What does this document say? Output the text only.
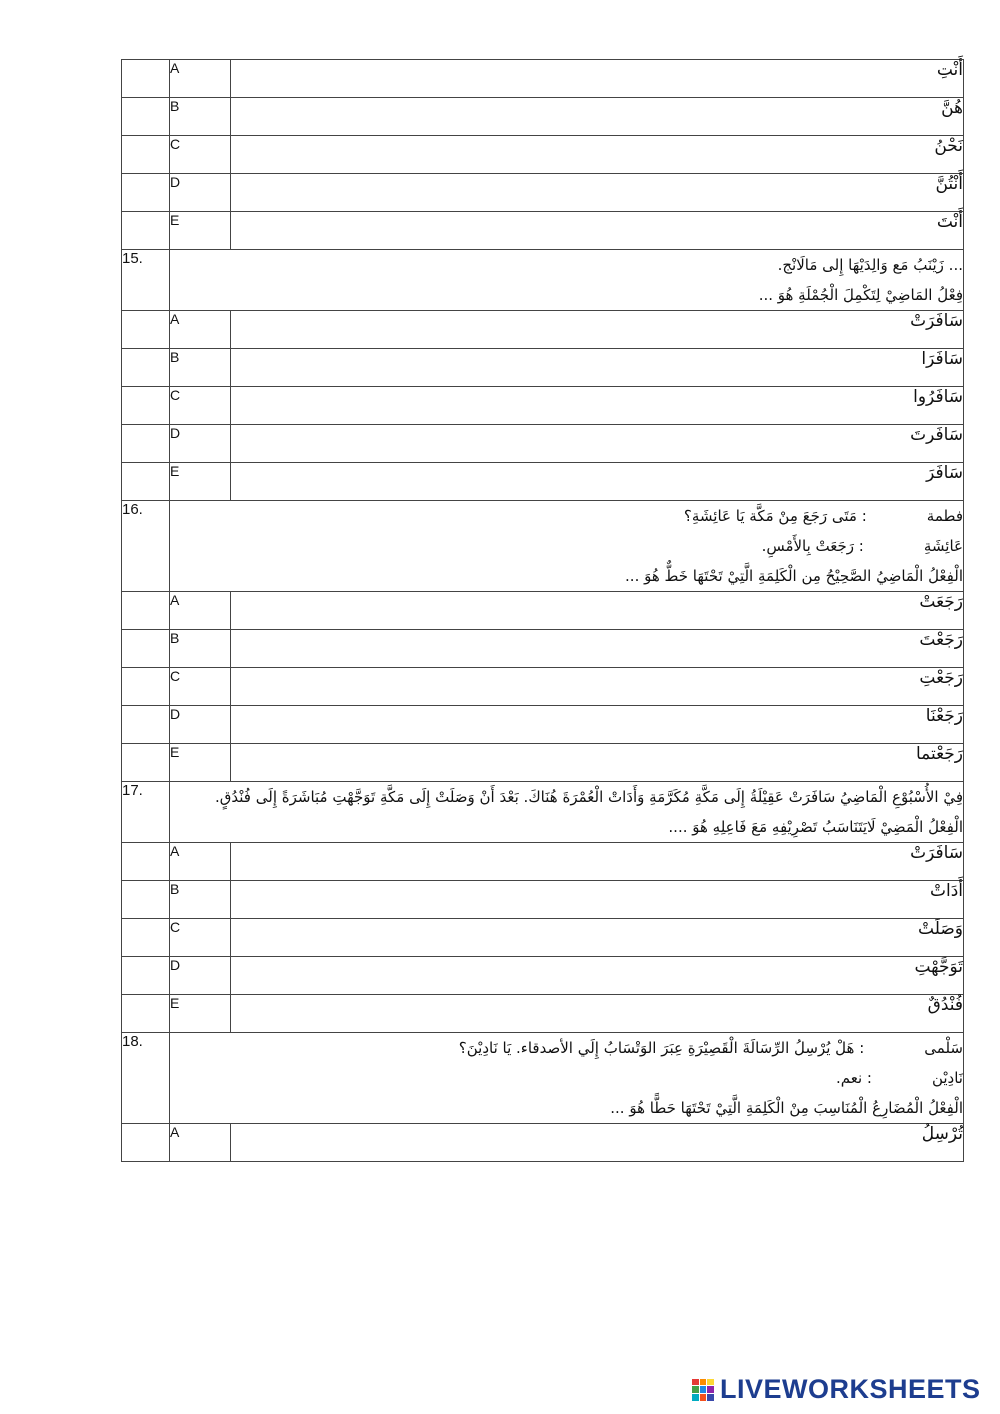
	A	أَنْتِ
	B	هُنَّ
	C	نَحْنُ
	D	أَنْتُنَّ
	E	أَنْتَ
15.	... زَيْنَبُ مَع وَالِدَيْهَا إِلى مَالَانْج.

فِعْلُ المَاضِيْ لِتَكْمِلَ الْجُمْلَةِ هُوَ ...	

	A	سَافَرَتْ
	B	سَافَرَا
	C	سَافَرُوا
	D	سَافَرتَ
	E	سَافَرَ
16.	فطمة: مَتَى رَجَعَ مِنْ مَكَّة يَا عَائِشَةِ؟

عَائِشَةِ: رَجَعَتْ بِالأَمْسِ.

الْفِعْلُ الْمَاضِيُ الصَّحِيْحُ مِن الْكَلِمَةِ الَّتِيْ تَحْتَهَا خَطٌّ هُوَ ...	

	A	رَجَعَتْ
	B	رَجَعْتَ
	C	رَجَعْتِ
	D	رَجَعْنَا
	E	رَجَعْتما
17.	فِيْ الأُسْبُوْعِ الْمَاضِيُ سَافَرَتْ عَقِيْلَةُ إِلَى مَكَّةِ مُكَرَّمَةِ وَأَدَاتْ الْعُمْرَةَ هُنَاكَ. بَعْدَ أَنْ وَصَلَتْ إِلَى مَكَّةِ تَوَجَّهْتِ مُبَاشَرَةً إِلَى فُنْدُقٍ.

الْفِعْلُ الْمَضِيْ لَايَتَنَاسَبُ تَصْرِيْفِهِ مَعَ فَاعِلِهِ هُوَ ....	

	A	سَافَرَتْ
	B	أَدَاتْ
	C	وَصَلَتْ
	D	تَوَجَّهْتِ
	E	فُنْدُقٌ
18.	سَلْمى: هَلْ يُرْسِلُ الرِّسَالَةَ الْقَصِيْرَةِ عِبَرَ الوَتْسَابُ إِلَي الأصدقاء. يَا نَادِيْنَ؟

نَادِيْن: نعم.

الْفِعْلُ الْمُضَارِعُ الْمُنَاسِبَ مِنْ الْكَلِمَةِ الَّتِيْ تَحْتَهَا حَطًّا هُوَ ...	

	A	تُرْسِلُ
LIVEWORKSHEETS
